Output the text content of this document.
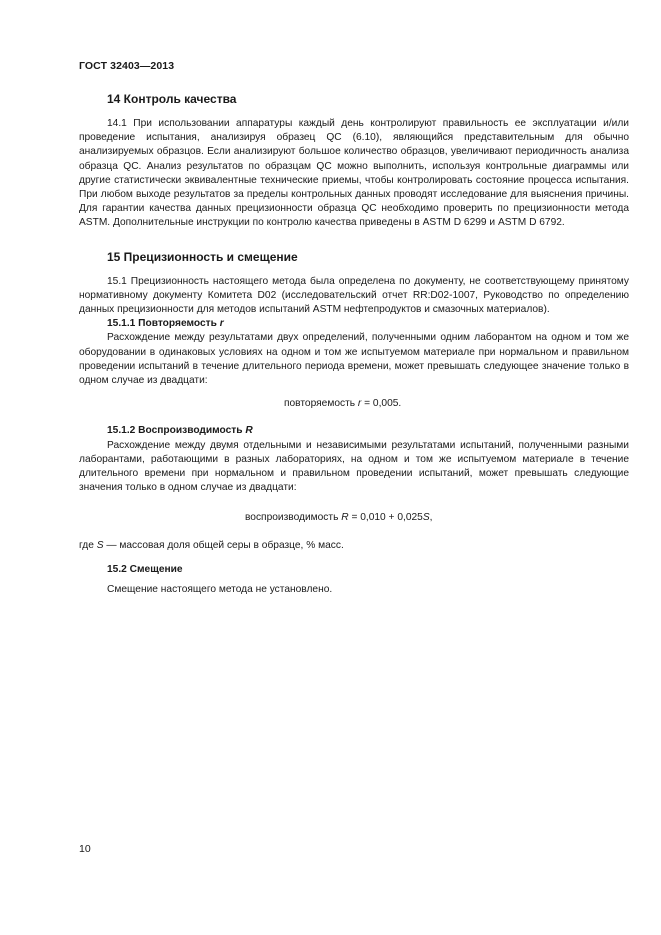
ГОСТ 32403—2013
14 Контроль качества

14.1 При использовании аппаратуры каждый день контролируют правильность ее эксплуатации и/или проведение испытания, анализируя образец QC (6.10), являющийся представительным для обычно анализируемых образцов. Если анализируют большое количество образцов, увеличивают периодичность анализа образца QC. Анализ результатов по образцам QC можно выполнить, используя контрольные диаграммы или другие статистически эквивалентные технические приемы, чтобы контролировать состояние процесса испытания. При любом выходе результатов за пределы контрольных данных проводят исследование для выяснения причины. Для гарантии качества данных прецизионности образца QC необходимо проверить по прецизионности метода ASTM. Дополнительные инструкции по контролю качества приведены в ASTM D 6299 и ASTM D 6792.

15 Прецизионность и смещение

15.1 Прецизионность настоящего метода была определена по документу, не соответствующему принятому нормативному документу Комитета D02 (исследовательский отчет RR:D02-1007, Руководство по определению данных прецизионности для методов испытаний ASTM нефтепродуктов и смазочных материалов).

15.1.1 Повторяемость r

Расхождение между результатами двух определений, полученными одним лаборантом на одном и том же оборудовании в одинаковых условиях на одном и том же испытуемом материале при нормальном и правильном проведении испытаний в течение длительного периода времени, может превышать следующее значение только в одном случае из двадцати:

повторяемость r = 0,005.
15.1.2 Воспроизводимость R

Расхождение между двумя отдельными и независимыми результатами испытаний, полученными разными лаборантами, работающими в разных лабораториях, на одном и том же испытуемом материале в течение длительного времени при нормальном и правильном проведении испытаний, может превышать следующие значения только в одном случае из двадцати:

воспроизводимость R = 0,010 + 0,025S,

где S — массовая доля общей серы в образце, % масс.

15.2 Смещение

Смещение настоящего метода не установлено.

10
